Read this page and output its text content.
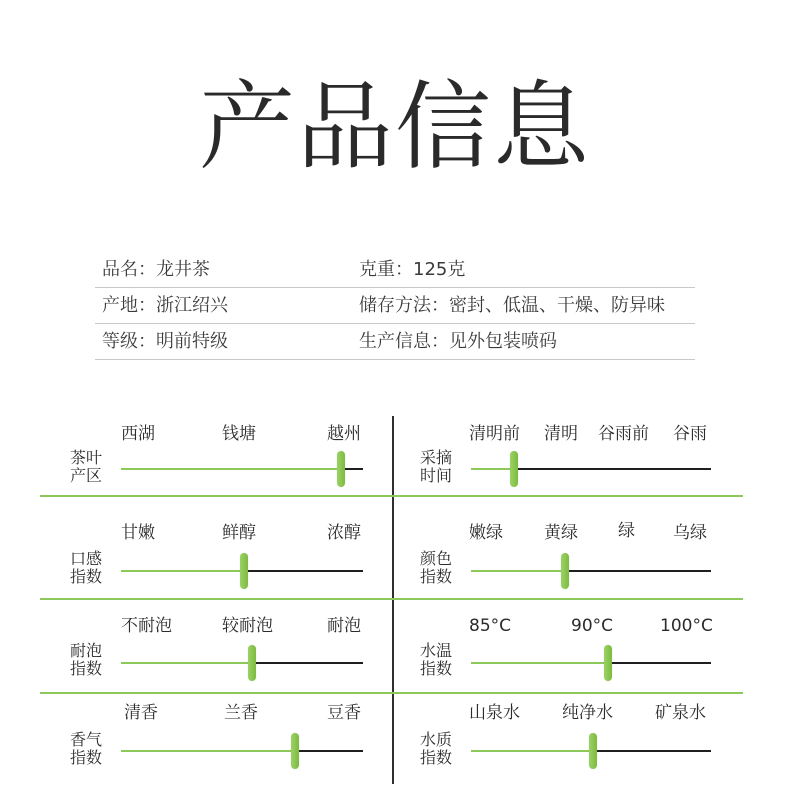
产品信息
品名：龙井茶	克重：125克
产地：浙江绍兴	储存方法：密封、低温、干燥、防异味
等级：明前特级	生产信息：见外包装喷码
茶叶
产区
西湖	钱塘	越州
采摘
时间
清明前 清明 谷雨前 谷雨
口感
指数
甘嫩	鲜醇	浓醇
颜色
指数
嫩绿 黄绿 绿 乌绿
耐泡
指数
不耐泡	较耐泡	耐泡
水温
指数
85°C	90°C	100°C
香气
指数
清香	兰香	豆香
水质
指数
山泉水 纯净水 矿泉水
